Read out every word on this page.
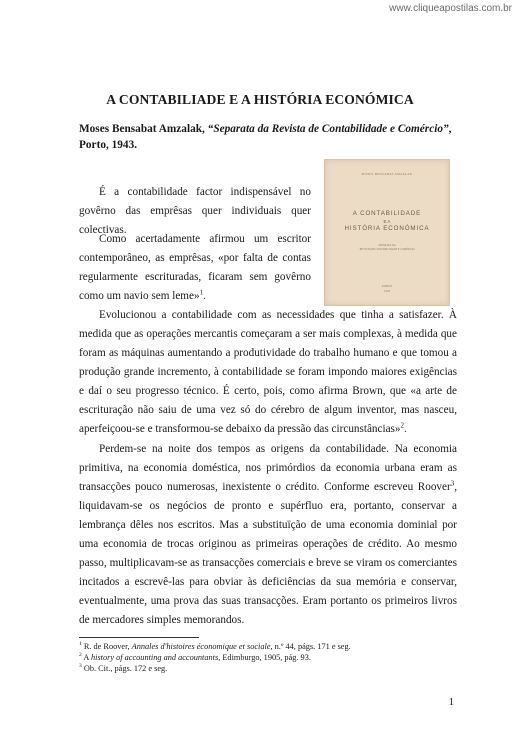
www.cliqueapostilas.com.br
A CONTABILIADE E A HISTÓRIA ECONÓMICA
Moses Bensabat Amzalak, “Separata da Revista de Contabilidade e Comércio”, Porto, 1943.
MOSES BENSABAT AMZALAK
A CONTABILIDADE
E A
HISTÓRIA ECONÓMICA
SEPARATA DA
REVISTA DE CONTABILIDADE E COMÉRCIO
PORTO
1943

É a contabilidade factor indispensável no govêrno das emprêsas quer individuais quer colectivas.

Como acertadamente afirmou um escritor contemporâneo, as emprêsas, «por falta de contas regularmente escrituradas, ficaram sem govêrno como um navio sem leme»$^1$.

Evolucionou a contabilidade com as necessidades que tinha a satisfazer. À medida que as operações mercantis começaram a ser mais complexas, à medida que foram as máquinas aumentando a produtividade do trabalho humano e que tomou a produção grande incremento, à contabilidade se foram impondo maiores exigências e daí o seu progresso técnico. É certo, pois, como afirma Brown, que «a arte de escrituração não saiu de uma vez só do cérebro de algum inventor, mas nasceu, aperfeiçoou-se e transformou-se debaixo da pressão das circunstâncias»$^2$.

Perdem-se na noite dos tempos as origens da contabilidade. Na economia primitiva, na economia doméstica, nos primórdios da economia urbana eram as transacções pouco numerosas, inexistente o crédito. Conforme escreveu Roover$^3$, liquidavam-se os negócios de pronto e supérfluo era, portanto, conservar a lembrança dêles nos escritos. Mas a substituïção de uma economia dominial por uma economia de trocas originou as primeiras operações de crédito. Ao mesmo passo, multiplicavam-se as transacções comerciais e breve se viram os comerciantes incitados a escrevê-las para obviar às deficiências da sua memória e conservar, eventualmente, uma prova das suas transacções. Eram portanto os primeiros livros de mercadores simples memorandos.

$^1$ R. de Roover, Annales d'histoires économique et sociale, n.º 44, págs. 171 e seg.
$^2$ A history of accounting and accountants, Edimburgo, 1905, pág. 93.
$^3$ Ob. Cit., págs. 172 e seg.
1
